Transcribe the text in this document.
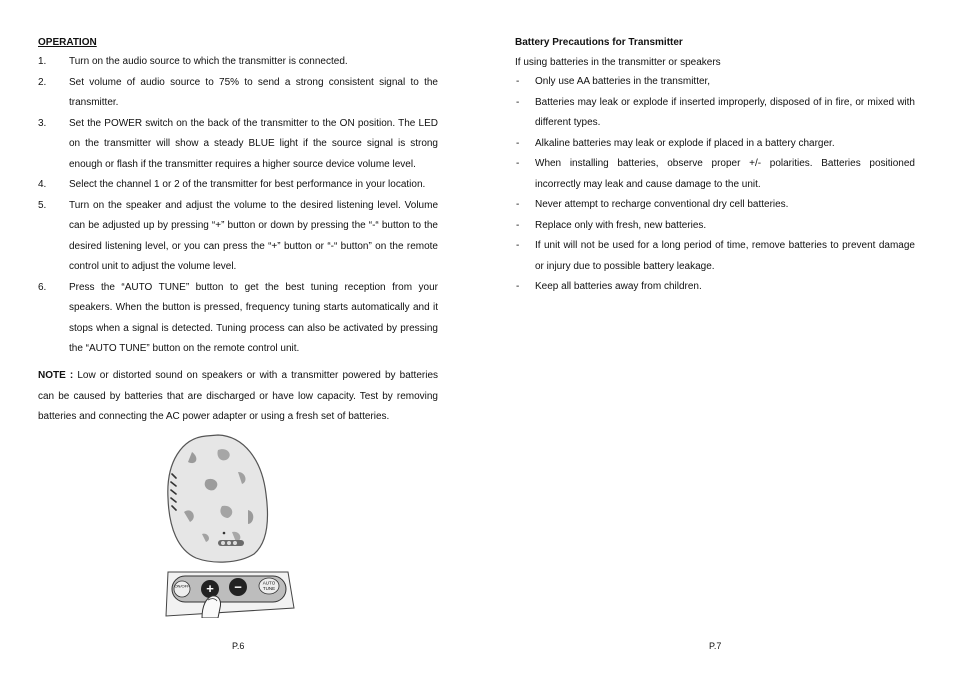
OPERATION
1. Turn on the audio source to which the transmitter is connected.
2. Set volume of audio source to 75% to send a strong consistent signal to the transmitter.
3. Set the POWER switch on the back of the transmitter to the ON position. The LED on the transmitter will show a steady BLUE light if the source signal is strong enough or flash if the transmitter requires a higher source device volume level.
4. Select the channel 1 or 2 of the transmitter for best performance in your location.
5. Turn on the speaker and adjust the volume to the desired listening level. Volume can be adjusted up by pressing “+” button or down by pressing the “-“ button to the desired listening level, or you can press the “+” button or “-“ button” on the remote control unit to adjust the volume level.
6. Press the “AUTO TUNE” button to get the best tuning reception from your speakers. When the button is pressed, frequency tuning starts automatically and it stops when a signal is detected. Tuning process can also be activated by pressing the “AUTO TUNE” button on the remote control unit.
NOTE : Low or distorted sound on speakers or with a transmitter powered by batteries can be caused by batteries that are discharged or have low capacity. Test by removing batteries and connecting the AC power adapter or using a fresh set of batteries.
P.6
ON/OFF + −	AUTO
TUNE
Battery Precautions for Transmitter
If using batteries in the transmitter or speakers
- Only use AA batteries in the transmitter,
- Batteries may leak or explode if inserted improperly, disposed of in fire, or mixed with different types.
- Alkaline batteries may leak or explode if placed in a battery charger.
- When installing batteries, observe proper +/- polarities. Batteries positioned incorrectly may leak and cause damage to the unit.
- Never attempt to recharge conventional dry cell batteries.
- Replace only with fresh, new batteries.
- If unit will not be used for a long period of time, remove batteries to prevent damage or injury due to possible battery leakage.
- Keep all batteries away from children.
P.7
